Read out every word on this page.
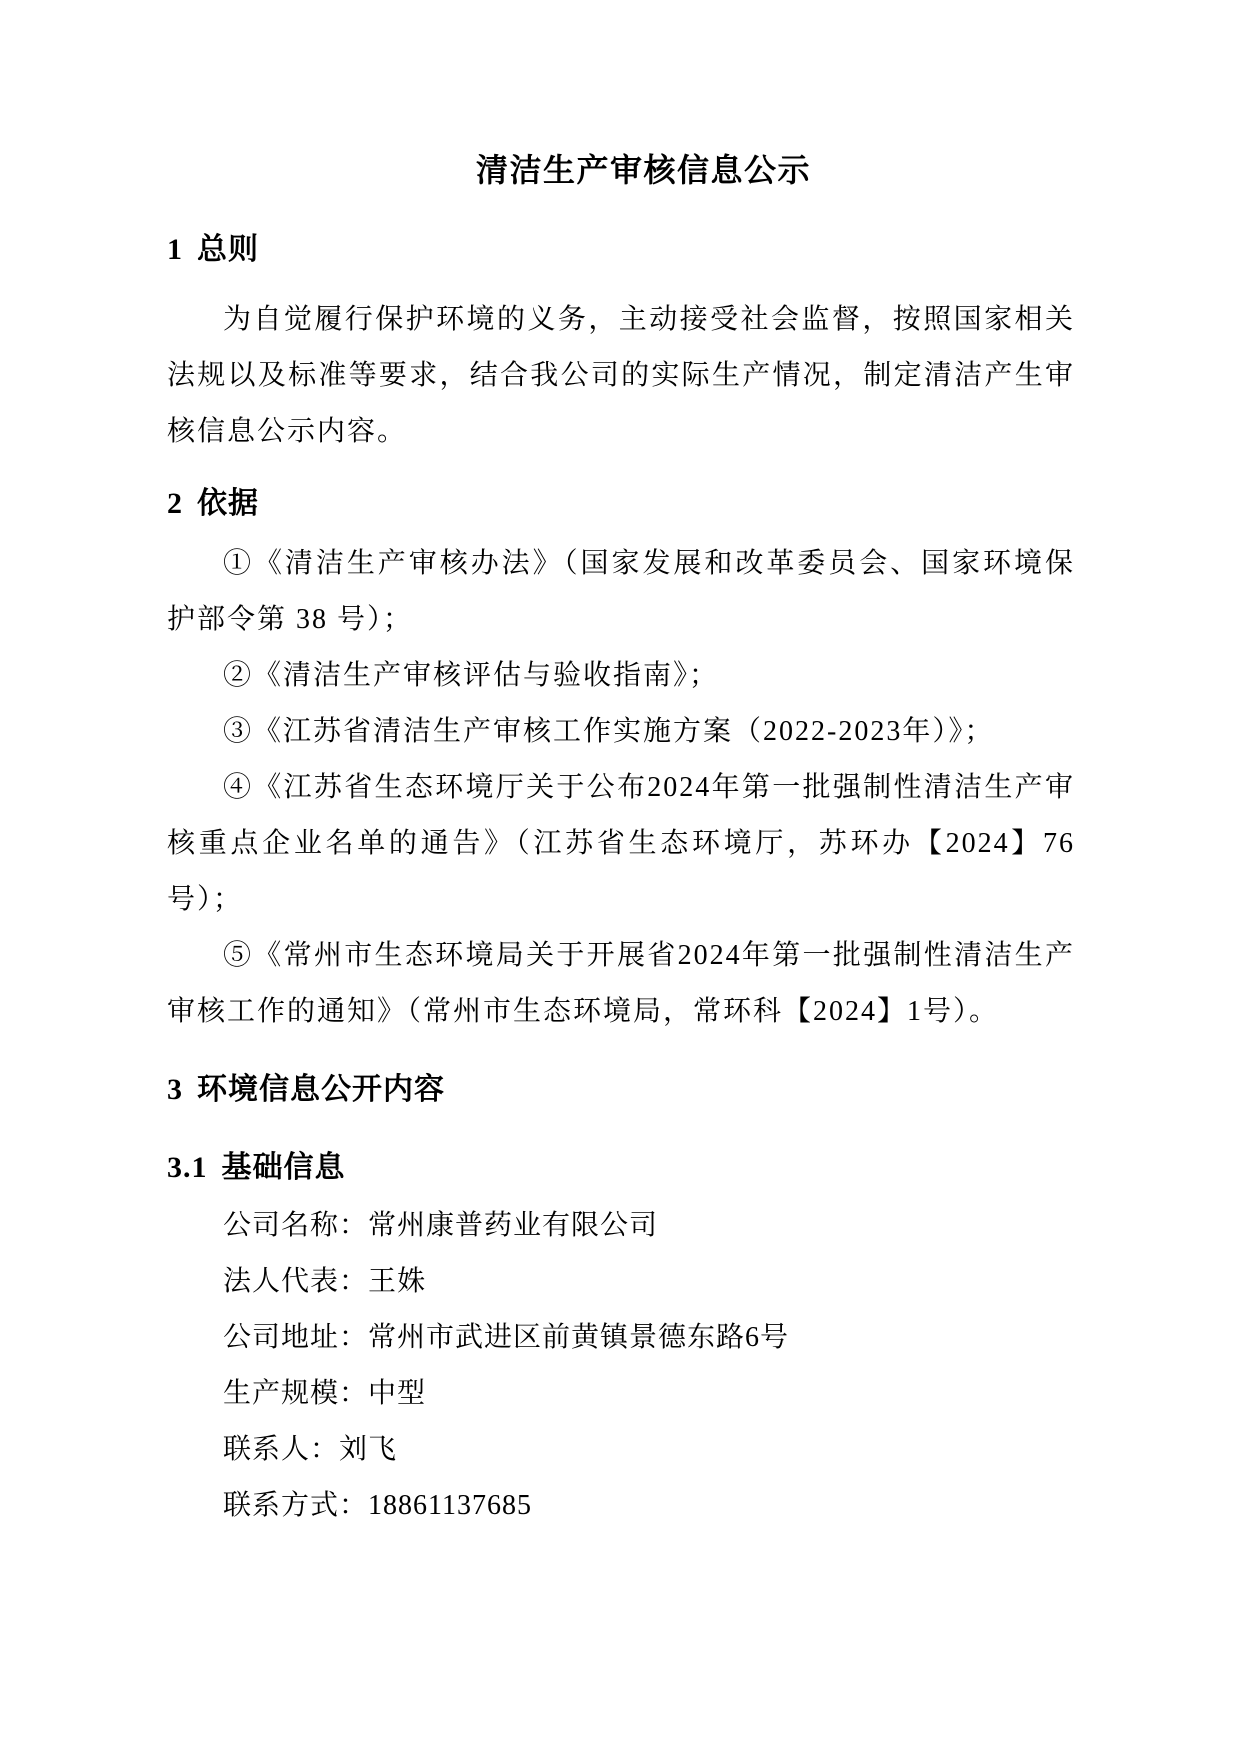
清洁生产审核信息公示
1 总则

为自觉履行保护环境的义务，主动接受社会监督，按照国家相关法规以及标准等要求，结合我公司的实际生产情况，制定清洁产生审核信息公示内容。

2 依据

①《清洁生产审核办法》（国家发展和改革委员会、国家环境保护部令第 38 号）；

②《清洁生产审核评估与验收指南》；

③《江苏省清洁生产审核工作实施方案（2022-2023年）》；

④《江苏省生态环境厅关于公布2024年第一批强制性清洁生产审核重点企业名单的通告》（江苏省生态环境厅，苏环办【2024】76号）；

⑤《常州市生态环境局关于开展省2024年第一批强制性清洁生产审核工作的通知》（常州市生态环境局，常环科【2024】1号）。

3 环境信息公开内容
3.1 基础信息

公司名称：常州康普药业有限公司

法人代表：王姝

公司地址：常州市武进区前黄镇景德东路6号

生产规模：中型

联系人：刘飞

联系方式：18861137685
